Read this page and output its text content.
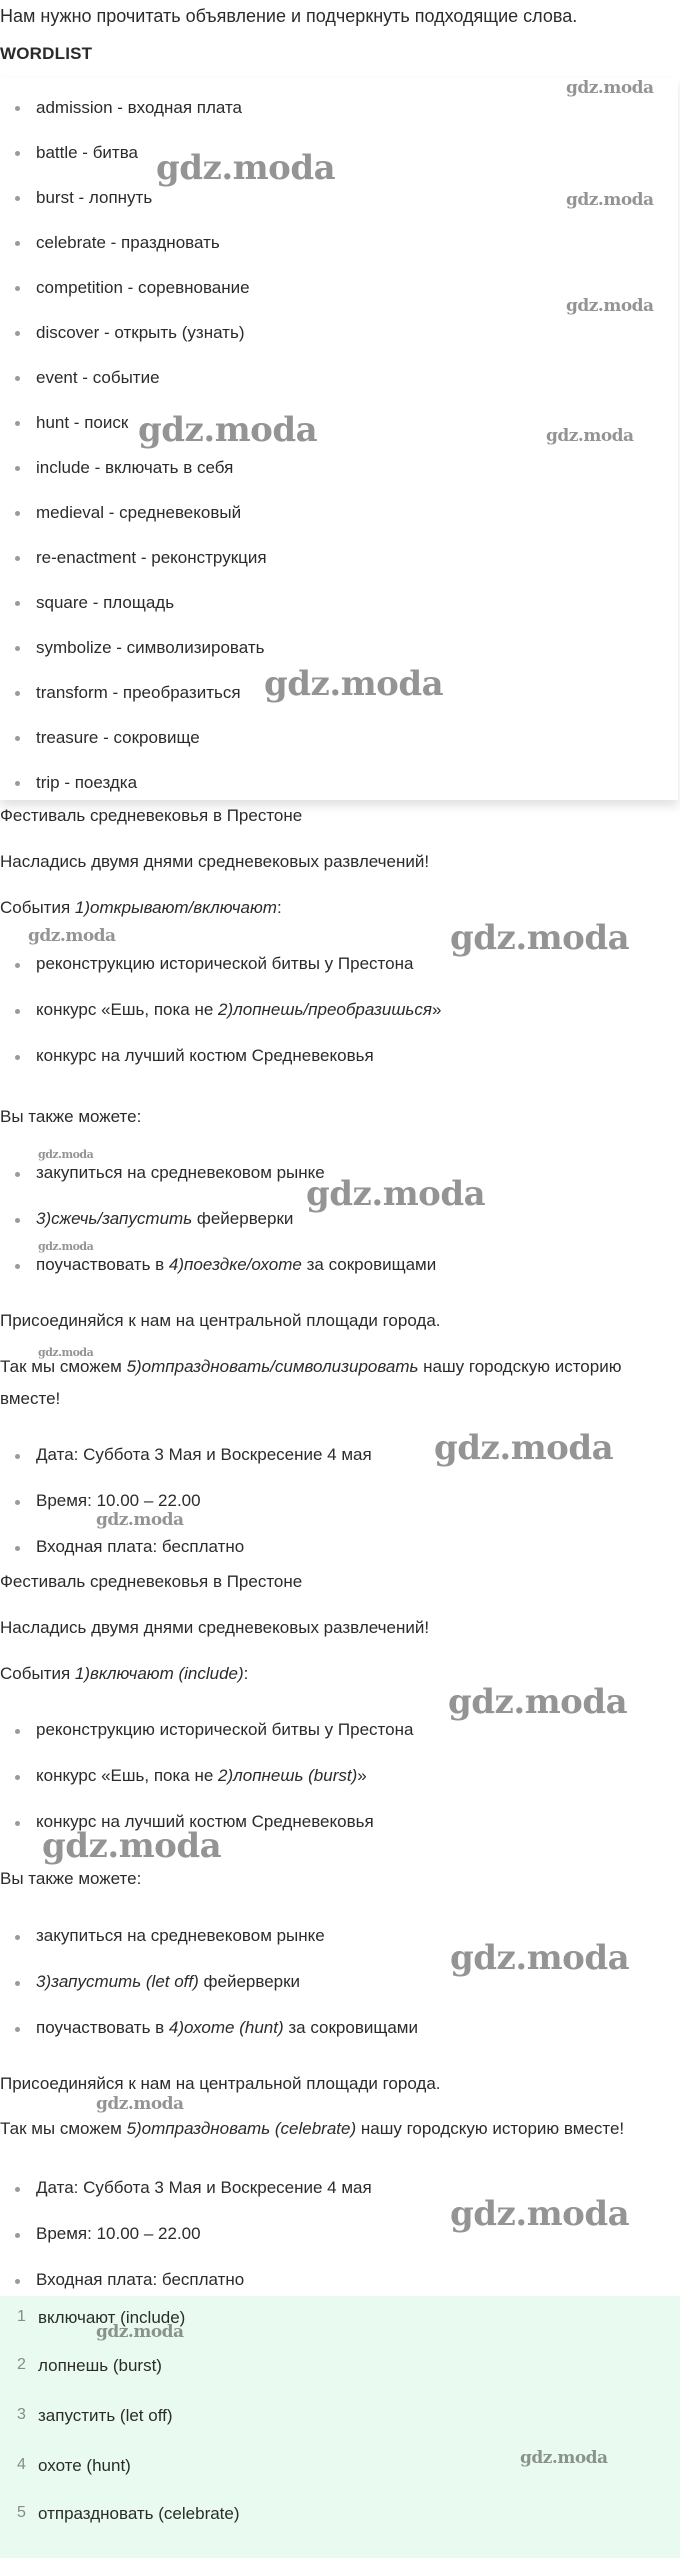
Нам нужно прочитать объявление и подчеркнуть подходящие слова.
WORDLIST
admission - входная плата
battle - битва
burst - лопнуть
celebrate - праздновать
competition - соревнование
discover - открыть (узнать)
event - событие
hunt - поиск
include - включать в себя
medieval - средневековый
re-enactment - реконструкция
square - площадь
symbolize - символизировать
transform - преобразиться
treasure - сокровище
trip - поездка
Фестиваль средневековья в Престоне
Насладись двумя днями средневековых развлечений!
События 1)открывают/включают:
реконструкцию исторической битвы у Престона
конкурс «Ешь, пока не 2)лопнешь/преобразишься»
конкурс на лучший костюм Средневековья
Вы также можете:
закупиться на средневековом рынке
3)сжечь/запустить фейерверки
поучаствовать в 4)поездке/охоте за сокровищами
Присоединяйся к нам на центральной площади города.
Так мы сможем 5)отпраздновать/символизировать нашу городскую историю
вместе!
Дата: Суббота 3 Мая и Воскресение 4 мая
Время: 10.00 – 22.00
Входная плата: бесплатно
Фестиваль средневековья в Престоне
Насладись двумя днями средневековых развлечений!
События 1)включают (include):
реконструкцию исторической битвы у Престона
конкурс «Ешь, пока не 2)лопнешь (burst)»
конкурс на лучший костюм Средневековья
Вы также можете:
закупиться на средневековом рынке
3)запустить (let off) фейерверки
поучаствовать в 4)охоте (hunt) за сокровищами
Присоединяйся к нам на центральной площади города.
Так мы сможем 5)отпраздновать (celebrate) нашу городскую историю вместе!
Дата: Суббота 3 Мая и Воскресение 4 мая
Время: 10.00 – 22.00
Входная плата: бесплатно
1 включают (include)
2 лопнешь (burst)
3 запустить (let off)
4 охоте (hunt)
5 отпраздновать (celebrate)
gdz.moda
gdz.moda
gdz.moda
gdz.moda
gdz.moda	gdz.moda
gdz.moda
gdz.moda	gdz.moda
gdz.moda
gdz.moda
gdz.moda
gdz.moda
gdz.moda
gdz.moda
gdz.moda
gdz.moda
gdz.moda
gdz.moda
gdz.moda
gdz.moda
gdz.moda
